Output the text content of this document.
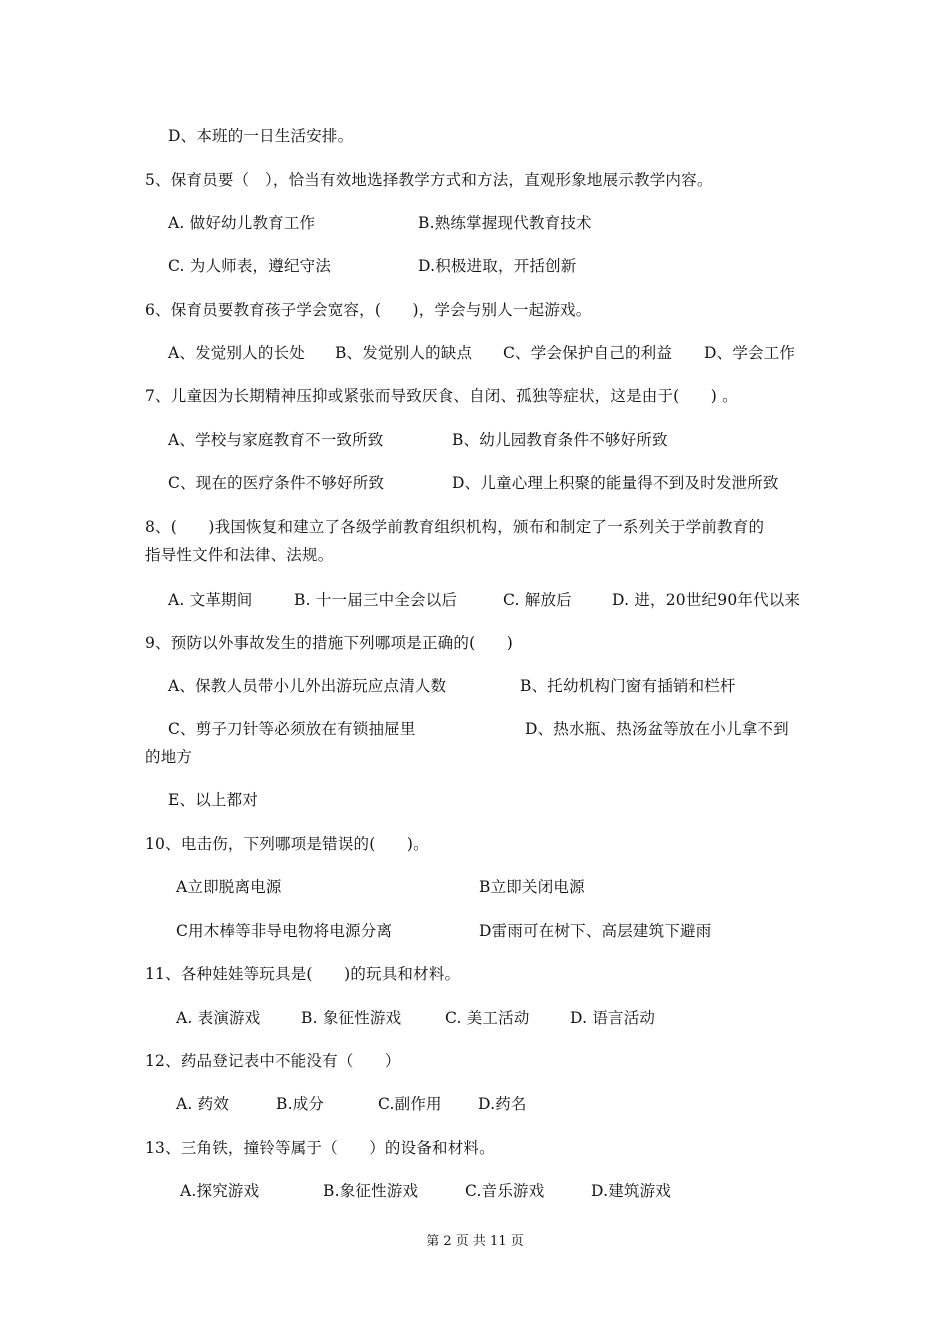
D、本班的一日生活安排。
5、保育员要（　），恰当有效地选择教学方式和方法，直观形象地展示教学内容。
A. 做好幼儿教育工作	B.熟练掌握现代教育技术
C. 为人师表，遵纪守法	D.积极进取，开括创新
6、保育员要教育孩子学会宽容，(　　)，学会与别人一起游戏。
A、发觉别人的长处 B、发觉别人的缺点 C、学会保护自己的利益 D、学会工作
7、儿童因为长期精神压抑或紧张而导致厌食、自闭、孤独等症状，这是由于(　　) 。
A、学校与家庭教育不一致所致	B、幼儿园教育条件不够好所致
C、现在的医疗条件不够好所致	D、儿童心理上积聚的能量得不到及时发泄所致
8、(　　)我国恢复和建立了各级学前教育组织机构，颁布和制定了一系列关于学前教育的
指导性文件和法律、法规。
A. 文革期间	B. 十一届三中全会以后	C. 解放后	D. 进，20世纪90年代以来
9、预防以外事故发生的措施下列哪项是正确的(　　)
A、保教人员带小儿外出游玩应点清人数	B、托幼机构门窗有插销和栏杆
C、剪子刀针等必须放在有锁抽屉里	D、热水瓶、热汤盆等放在小儿拿不到
的地方
E、以上都对
10、电击伤，下列哪项是错误的(　　)。
A立即脱离电源	B立即关闭电源
C用木棒等非导电物将电源分离	D雷雨可在树下、高层建筑下避雨
11、各种娃娃等玩具是(　　)的玩具和材料。
A. 表演游戏	B. 象征性游戏	C. 美工活动	D. 语言活动
12、药品登记表中不能没有（　　）
A. 药效	B.成分	C.副作用 D.药名
13、三角铁，撞铃等属于（　　）的设备和材料。
A.探究游戏	B.象征性游戏	C.音乐游戏	D.建筑游戏
第 2 页 共 11 页
